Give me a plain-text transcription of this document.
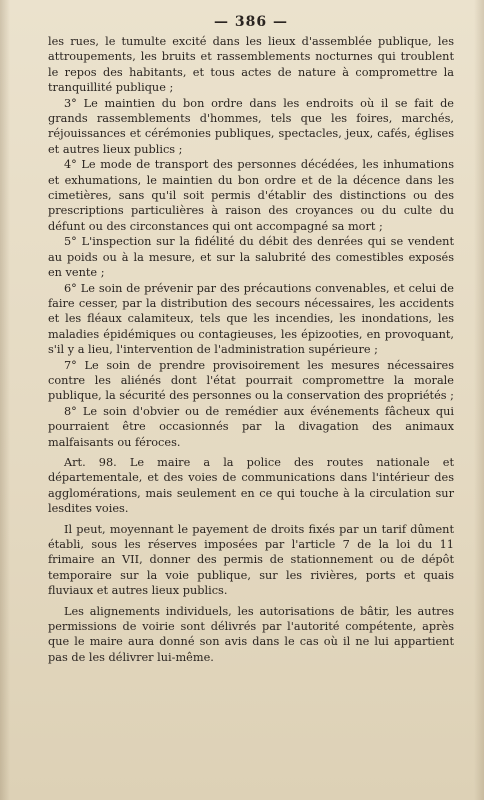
— 386 —

les rues, le tumulte excité dans les lieux d'assemblée publique, les attroupements, les bruits et rassemblements nocturnes qui troublent le repos des habitants, et tous actes de nature à compromettre la tranquillité publique ;

3° Le maintien du bon ordre dans les endroits où il se fait de grands rassemblements d'hommes, tels que les foires, marchés, réjouissances et cérémonies publiques, spectacles, jeux, cafés, églises et autres lieux publics ;

4° Le mode de transport des personnes décédées, les inhumations et exhumations, le maintien du bon ordre et de la décence dans les cimetières, sans qu'il soit permis d'établir des distinctions ou des prescriptions particulières à raison des croyances ou du culte du défunt ou des circonstances qui ont accompagné sa mort ;

5° L'inspection sur la fidélité du débit des denrées qui se vendent au poids ou à la mesure, et sur la salubrité des comestibles exposés en vente ;

6° Le soin de prévenir par des précautions convenables, et celui de faire cesser, par la distribution des secours nécessaires, les accidents et les fléaux calamiteux, tels que les incendies, les inondations, les maladies épidémiques ou contagieuses, les épizooties, en provoquant, s'il y a lieu, l'intervention de l'administration supérieure ;

7° Le soin de prendre provisoirement les mesures nécessaires contre les aliénés dont l'état pourrait compromettre la morale publique, la sécurité des personnes ou la conservation des propriétés ;

8° Le soin d'obvier ou de remédier aux événements fâcheux qui pourraient être occasionnés par la divagation des animaux malfaisants ou féroces.

Art. 98. Le maire a la police des routes nationale et départementale, et des voies de communications dans l'intérieur des agglomérations, mais seulement en ce qui touche à la circulation sur lesdites voies.

Il peut, moyennant le payement de droits fixés par un tarif dûment établi, sous les réserves imposées par l'article 7 de la loi du 11 frimaire an VII, donner des permis de stationnement ou de dépôt temporaire sur la voie publique, sur les rivières, ports et quais fluviaux et autres lieux publics.

Les alignements individuels, les autorisations de bâtir, les autres permissions de voirie sont délivrés par l'autorité compétente, après que le maire aura donné son avis dans le cas où il ne lui appartient pas de les délivrer lui-même.
